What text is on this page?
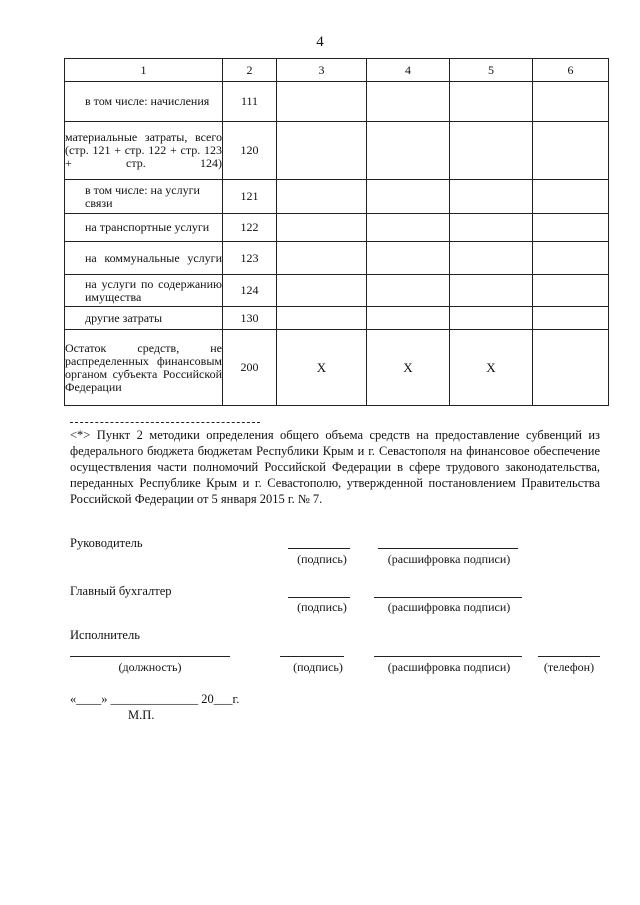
4
1	2	3	4	5	6
в том числе: начисления	111				
материальные затраты, всего (стр. 121 + стр. 122 + стр. 123 + стр. 124)	120				
в том числе: на услуги связи	121				
на транспортные услуги	122				
на коммунальные услуги	123				
на услуги по содержанию имущества	124				
другие затраты	130				
Остаток средств, не распределенных финансовым органом субъекта Российской Федерации	200	X	X	X	
<*> Пункт 2 методики определения общего объема средств на предоставление субвенций из федерального бюджета бюджетам Республики Крым и г. Севастополя на финансовое обеспечение осуществления части полномочий Российской Федерации в сфере трудового законодательства, переданных Республике Крым и г. Севастополю, утвержденной постановлением Правительства Российской Федерации от 5 января 2015 г. № 7.
Руководитель
(подпись)	(расшифровка подписи)
Главный бухгалтер
(подпись)	(расшифровка подписи)
Исполнитель
(должность)	(подпись)	(расшифровка подписи)	(телефон)
«____» ______________ 20___г.
М.П.
